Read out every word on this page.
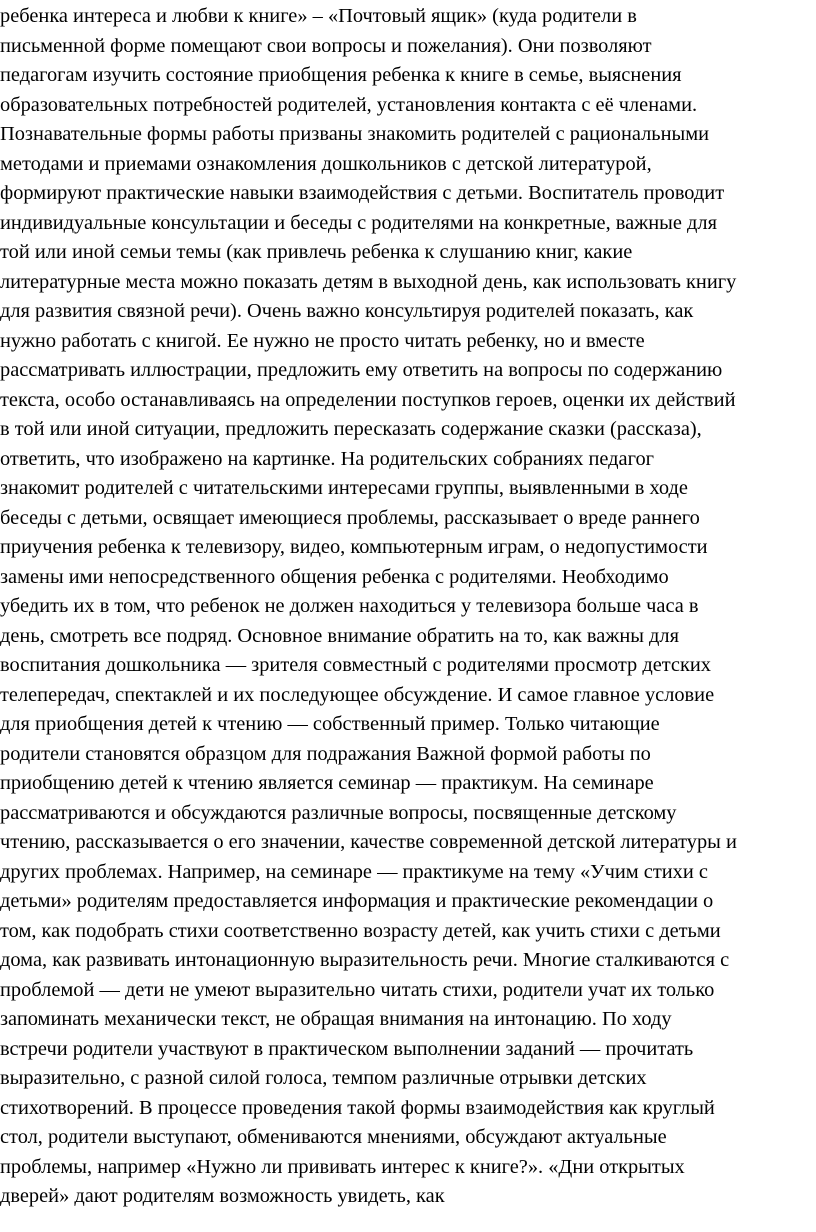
ребенка интереса и любви к книге» – «Почтовый ящик» (куда родители в
письменной форме помещают свои вопросы и пожелания). Они позволяют
педагогам изучить состояние приобщения ребенка к книге в семье, выяснения
образовательных потребностей родителей, установления контакта с её членами.
Познавательные формы работы призваны знакомить родителей с рациональными
методами и приемами ознакомления дошкольников с детской литературой,
формируют практические навыки взаимодействия с детьми. Воспитатель проводит
индивидуальные консультации и беседы с родителями на конкретные, важные для
той или иной семьи темы (как привлечь ребенка к слушанию книг, какие
литературные места можно показать детям в выходной день, как использовать книгу
для развития связной речи). Очень важно консультируя родителей показать, как
нужно работать с книгой. Ее нужно не просто читать ребенку, но и вместе
рассматривать иллюстрации, предложить ему ответить на вопросы по содержанию
текста, особо останавливаясь на определении поступков героев, оценки их действий
в той или иной ситуации, предложить пересказать содержание сказки (рассказа),
ответить, что изображено на картинке. На родительских собраниях педагог
знакомит родителей с читательскими интересами группы, выявленными в ходе
беседы с детьми, освящает имеющиеся проблемы, рассказывает о вреде раннего
приучения ребенка к телевизору, видео, компьютерным играм, о недопустимости
замены ими непосредственного общения ребенка с родителями. Необходимо
убедить их в том, что ребенок не должен находиться у телевизора больше часа в
день, смотреть все подряд. Основное внимание обратить на то, как важны для
воспитания дошкольника — зрителя совместный с родителями просмотр детских
телепередач, спектаклей и их последующее обсуждение. И самое главное условие
для приобщения детей к чтению — собственный пример. Только читающие
родители становятся образцом для подражания Важной формой работы по
приобщению детей к чтению является семинар — практикум. На семинаре
рассматриваются и обсуждаются различные вопросы, посвященные детскому
чтению, рассказывается о его значении, качестве современной детской литературы и
других проблемах. Например, на семинаре — практикуме на тему «Учим стихи с
детьми» родителям предоставляется информация и практические рекомендации о
том, как подобрать стихи соответственно возрасту детей, как учить стихи с детьми
дома, как развивать интонационную выразительность речи. Многие сталкиваются с
проблемой — дети не умеют выразительно читать стихи, родители учат их только
запоминать механически текст, не обращая внимания на интонацию. По ходу
встречи родители участвуют в практическом выполнении заданий — прочитать
выразительно, с разной силой голоса, темпом различные отрывки детских
стихотворений. В процессе проведения такой формы взаимодействия как круглый
стол, родители выступают, обмениваются мнениями, обсуждают актуальные
проблемы, например «Нужно ли прививать интерес к книге?». «Дни открытых
дверей» дают родителям возможность увидеть, как
